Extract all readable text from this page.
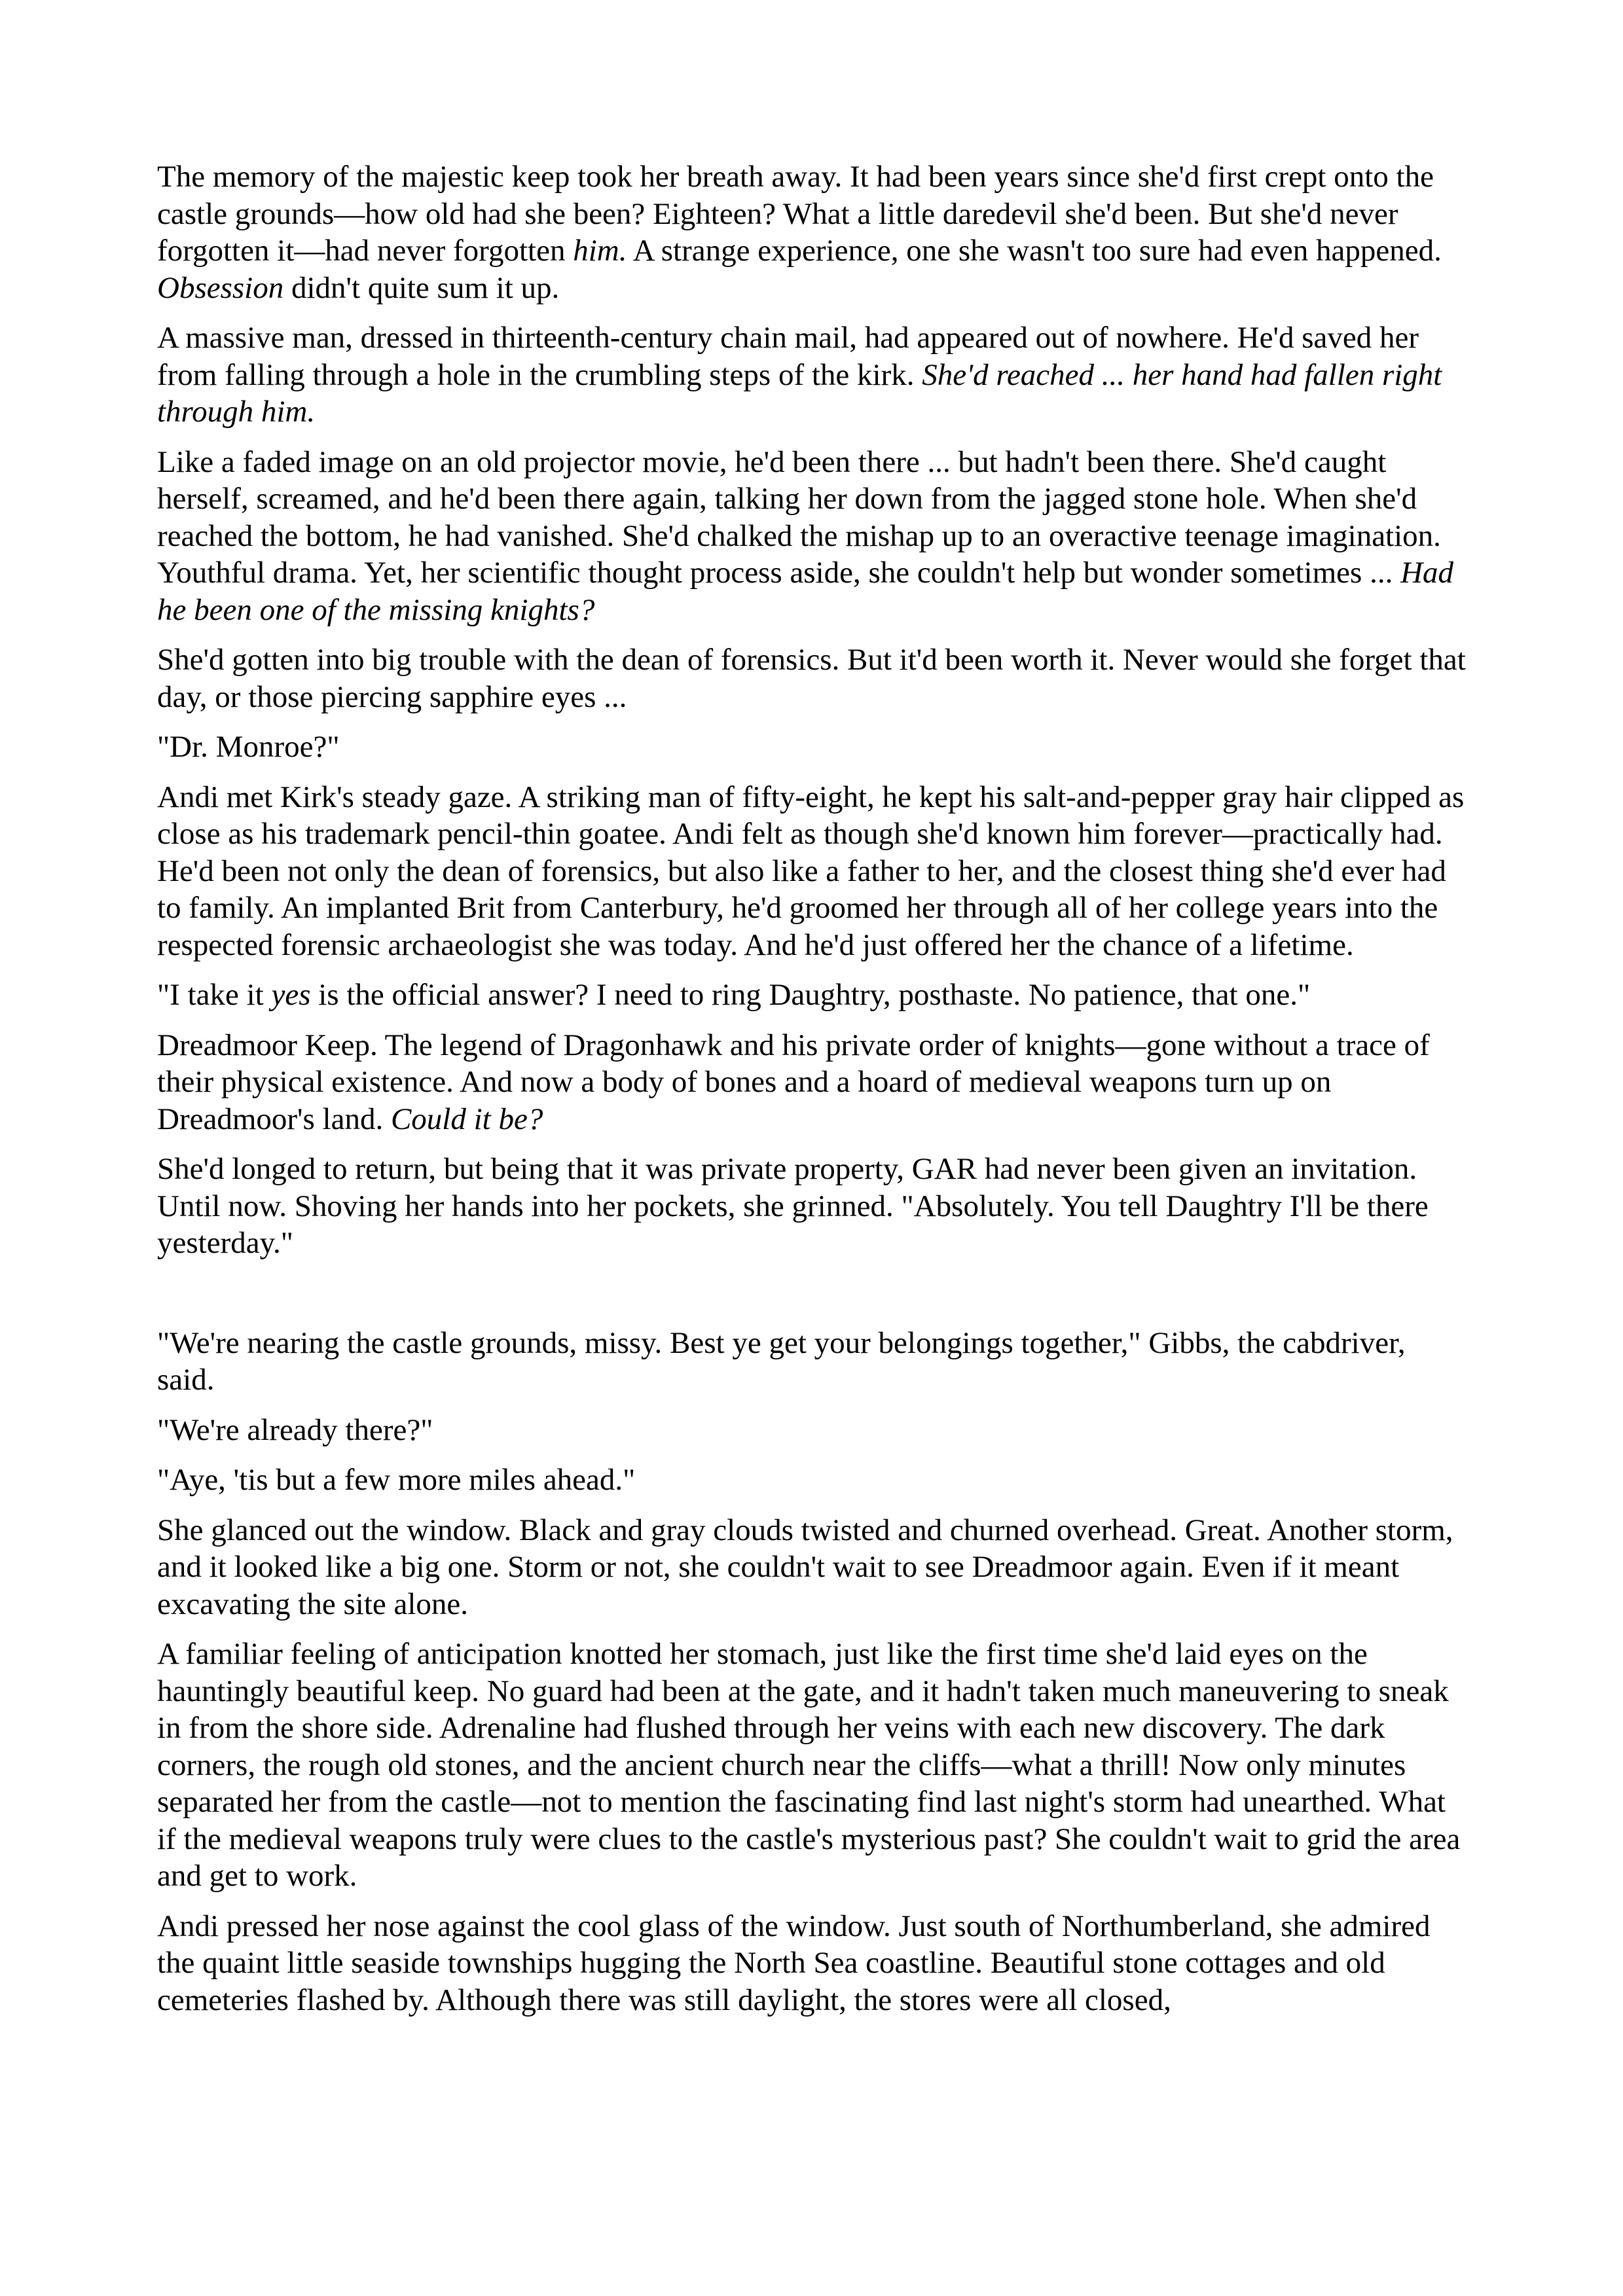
The memory of the majestic keep took her breath away. It had been years since she'd first crept onto the castle grounds—how old had she been? Eighteen? What a little daredevil she'd been. But she'd never forgotten it—had never forgotten him. A strange experience, one she wasn't too sure had even happened. Obsession didn't quite sum it up.

A massive man, dressed in thirteenth-century chain mail, had appeared out of nowhere. He'd saved her from falling through a hole in the crumbling steps of the kirk. She'd reached ... her hand had fallen right through him.

Like a faded image on an old projector movie, he'd been there ... but hadn't been there. She'd caught herself, screamed, and he'd been there again, talking her down from the jagged stone hole. When she'd reached the bottom, he had vanished. She'd chalked the mishap up to an overactive teenage imagination. Youthful drama. Yet, her scientific thought process aside, she couldn't help but wonder sometimes ... Had he been one of the missing knights?

She'd gotten into big trouble with the dean of forensics. But it'd been worth it. Never would she forget that day, or those piercing sapphire eyes ...

"Dr. Monroe?"

Andi met Kirk's steady gaze. A striking man of fifty-eight, he kept his salt-and-pepper gray hair clipped as close as his trademark pencil-thin goatee. Andi felt as though she'd known him forever—practically had. He'd been not only the dean of forensics, but also like a father to her, and the closest thing she'd ever had to family. An implanted Brit from Canterbury, he'd groomed her through all of her college years into the respected forensic archaeologist she was today. And he'd just offered her the chance of a lifetime.

"I take it yes is the official answer? I need to ring Daughtry, posthaste. No patience, that one."

Dreadmoor Keep. The legend of Dragonhawk and his private order of knights—gone without a trace of their physical existence. And now a body of bones and a hoard of medieval weapons turn up on Dreadmoor's land. Could it be?

She'd longed to return, but being that it was private property, GAR had never been given an invitation. Until now. Shoving her hands into her pockets, she grinned. "Absolutely. You tell Daughtry I'll be there yesterday."

"We're nearing the castle grounds, missy. Best ye get your belongings together," Gibbs, the cabdriver, said.

"We're already there?"

"Aye, 'tis but a few more miles ahead."

She glanced out the window. Black and gray clouds twisted and churned overhead. Great. Another storm, and it looked like a big one. Storm or not, she couldn't wait to see Dreadmoor again. Even if it meant excavating the site alone.

A familiar feeling of anticipation knotted her stomach, just like the first time she'd laid eyes on the hauntingly beautiful keep. No guard had been at the gate, and it hadn't taken much maneuvering to sneak in from the shore side. Adrenaline had flushed through her veins with each new discovery. The dark corners, the rough old stones, and the ancient church near the cliffs—what a thrill! Now only minutes separated her from the castle—not to mention the fascinating find last night's storm had unearthed. What if the medieval weapons truly were clues to the castle's mysterious past? She couldn't wait to grid the area and get to work.

Andi pressed her nose against the cool glass of the window. Just south of Northumberland, she admired the quaint little seaside townships hugging the North Sea coastline. Beautiful stone cottages and old cemeteries flashed by. Although there was still daylight, the stores were all closed,
